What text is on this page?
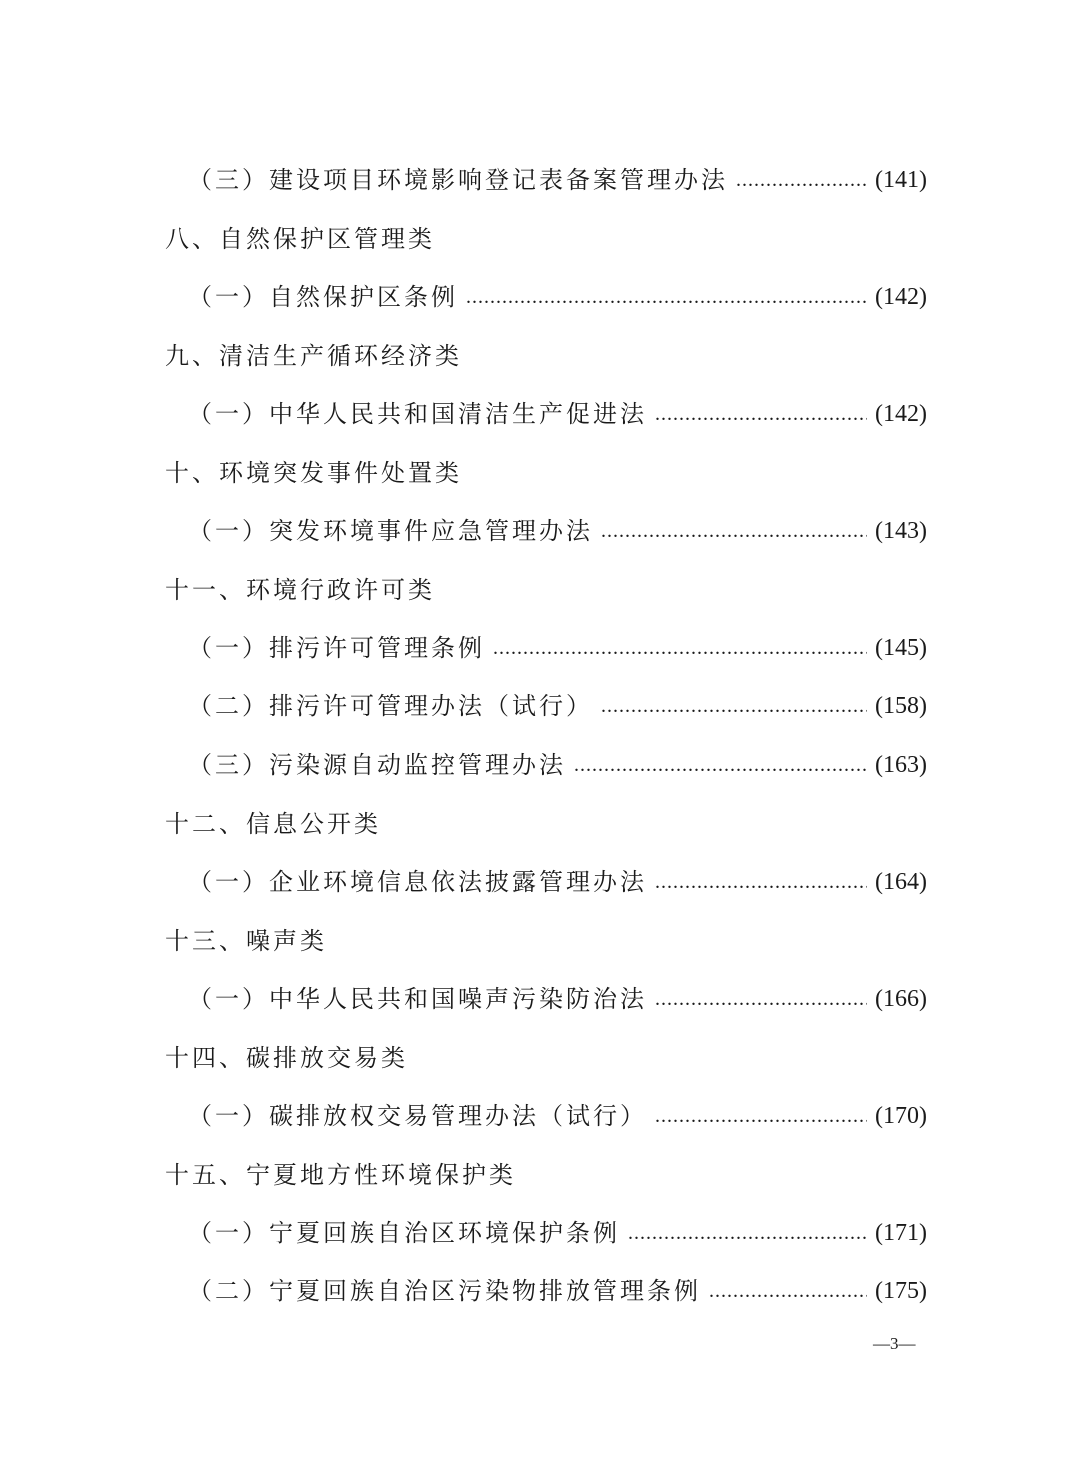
（三）建设项目环境影响登记表备案管理办法 .....	(141)
八、自然保护区管理类
（一）自然保护区条例 .....	(142)
九、清洁生产循环经济类
（一）中华人民共和国清洁生产促进法 .....	(142)
十、环境突发事件处置类
（一）突发环境事件应急管理办法 .....	(143)
十一、环境行政许可类
（一）排污许可管理条例 .....	(145)
（二）排污许可管理办法（试行） .....	(158)
（三）污染源自动监控管理办法 .....	(163)
十二、信息公开类
（一）企业环境信息依法披露管理办法 .....	(164)
十三、噪声类
（一）中华人民共和国噪声污染防治法 .....	(166)
十四、碳排放交易类
（一）碳排放权交易管理办法（试行） .....	(170)
十五、宁夏地方性环境保护类
（一）宁夏回族自治区环境保护条例 .....	(171)
（二）宁夏回族自治区污染物排放管理条例 .....	(175)
—3—
